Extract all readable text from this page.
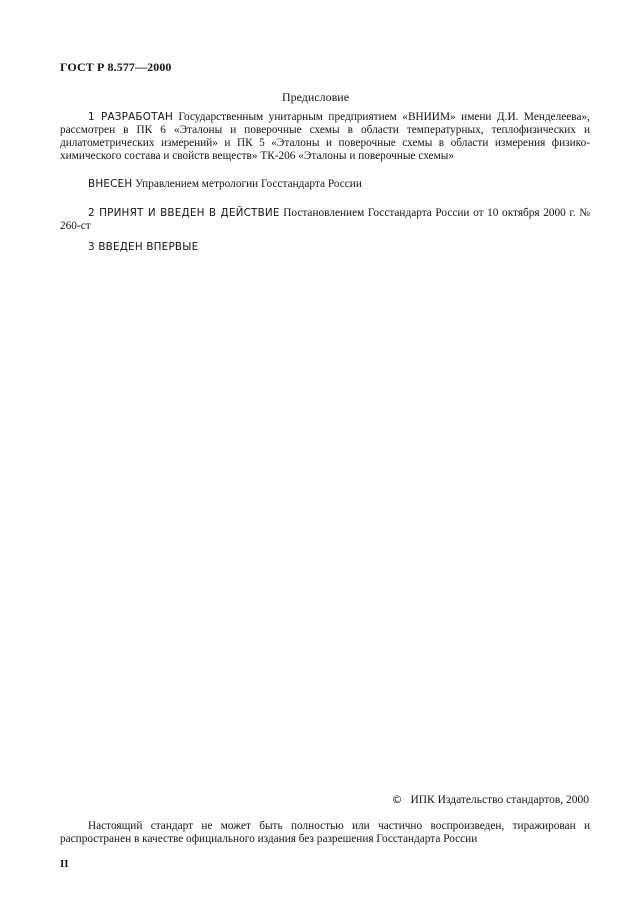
ГОСТ Р 8.577—2000
Предисловие
1 РАЗРАБОТАН Государственным унитарным предприятием «ВНИИМ» имени Д.И. Менделеева», рассмотрен в ПК 6 «Эталоны и поверочные схемы в области температурных, теплофизических и дилатометрических измерений» и ПК 5 «Эталоны и поверочные схемы в области измерения физико-химического состава и свойств веществ» ТК-206 «Эталоны и поверочные схемы»
ВНЕСЕН Управлением метрологии Госстандарта России
2 ПРИНЯТ И ВВЕДЕН В ДЕЙСТВИЕ Постановлением Госстандарта России от 10 октября 2000 г. № 260-ст
3 ВВЕДЕН ВПЕРВЫЕ
© ИПК Издательство стандартов, 2000
Настоящий стандарт не может быть полностью или частично воспроизведен, тиражирован и распространен в качестве официального издания без разрешения Госстандарта России
II
